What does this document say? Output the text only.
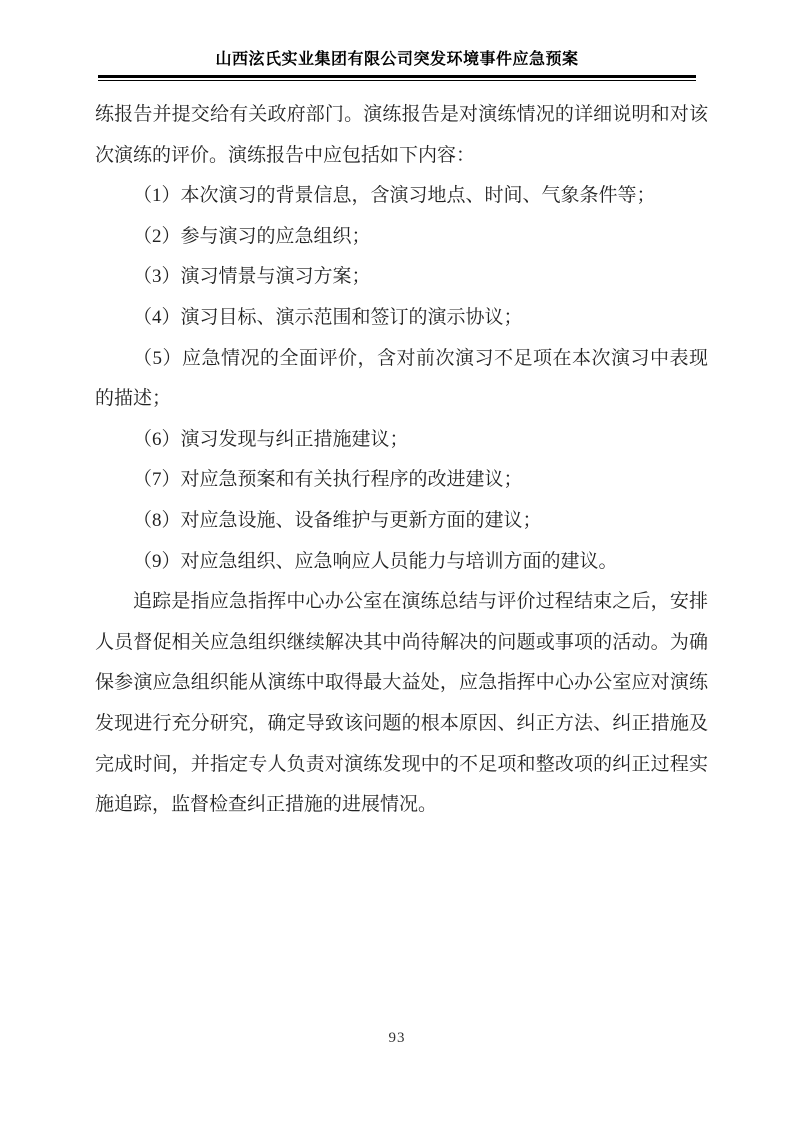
山西泫氏实业集团有限公司突发环境事件应急预案

练报告并提交给有关政府部门。演练报告是对演练情况的详细说明和对该次演练的评价。演练报告中应包括如下内容：

（1）本次演习的背景信息，含演习地点、时间、气象条件等；

（2）参与演习的应急组织；

（3）演习情景与演习方案；

（4）演习目标、演示范围和签订的演示协议；

（5）应急情况的全面评价，含对前次演习不足项在本次演习中表现的描述；

（6）演习发现与纠正措施建议；

（7）对应急预案和有关执行程序的改进建议；

（8）对应急设施、设备维护与更新方面的建议；

（9）对应急组织、应急响应人员能力与培训方面的建议。

追踪是指应急指挥中心办公室在演练总结与评价过程结束之后，安排人员督促相关应急组织继续解决其中尚待解决的问题或事项的活动。为确保参演应急组织能从演练中取得最大益处，应急指挥中心办公室应对演练发现进行充分研究，确定导致该问题的根本原因、纠正方法、纠正措施及完成时间，并指定专人负责对演练发现中的不足项和整改项的纠正过程实施追踪，监督检查纠正措施的进展情况。

93
